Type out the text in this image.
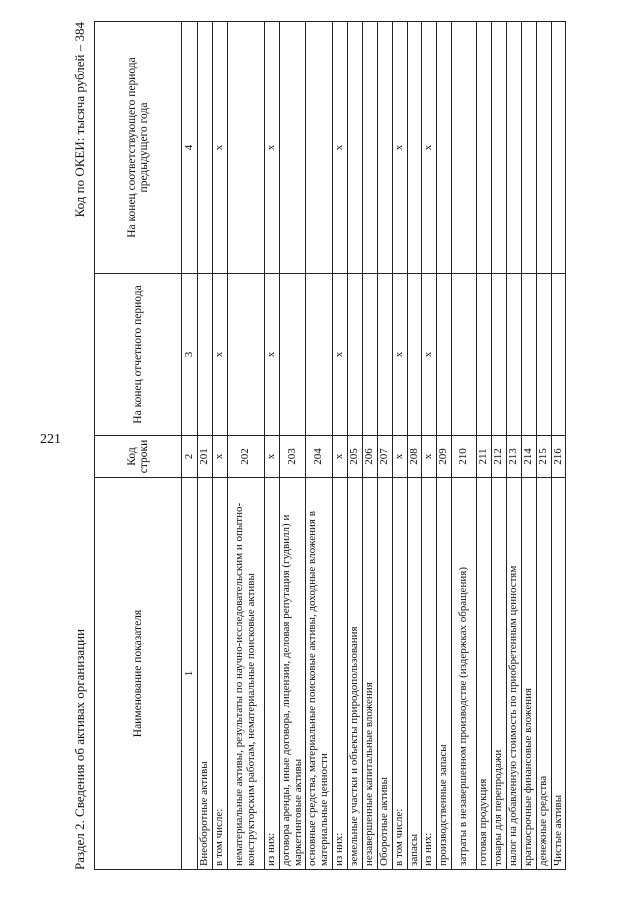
221
Раздел 2. Сведения об активах организации
Код по ОКЕИ: тысяча рублей – 384
Наименование показателя	Код строки	На конец отчетного периода	На конец соответствующего периода предыдущего года
1	2	3	4
Внеоборотные активы	201		
в том числе:	x	x	x
нематериальные активы, результаты по научно-исследовательским и опытно-конструкторским работам, нематериальные поисковые активы	202		
из них:	x	x	x
договора аренды, иные договора, лицензии, деловая репутация (гудвилл) и маркетинговые активы	203		
основные средства, материальные поисковые активы, доходные вложения в материальные ценности	204		
из них:	x	x	x
земельные участки и объекты природопользования	205		
незавершенные капитальные вложения	206		
Оборотные активы	207		
в том числе:	x	x	x
запасы	208		
из них:	x	x	x
производственные запасы	209		
затраты в незавершенном производстве (издержках обращения)	210		
готовая продукция	211		
товары для перепродажи	212		
налог на добавленную стоимость по приобретенным ценностям	213		
краткосрочные финансовые вложения	214		
денежные средства	215		
Чистые активы	216		
